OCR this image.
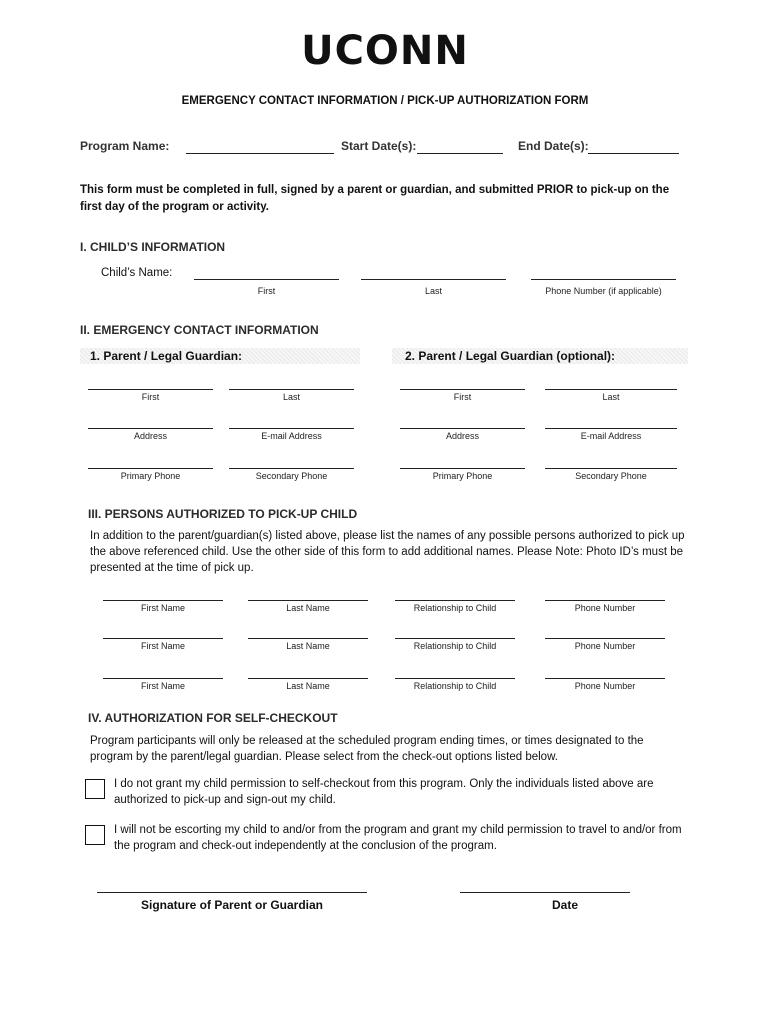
UCONN
EMERGENCY CONTACT INFORMATION / PICK-UP AUTHORIZATION FORM
Program Name:	Start Date(s):	End Date(s):
This form must be completed in full, signed by a parent or guardian, and submitted PRIOR to pick-up on the first day of the program or activity.
I. CHILD’S INFORMATION
Child’s Name:
First	Last	Phone Number (if applicable)
II. EMERGENCY CONTACT INFORMATION
1. Parent / Legal Guardian:	2. Parent / Legal Guardian (optional):
First	Last	First	Last
Address	E-mail Address	Address	E-mail Address
Primary Phone	Secondary Phone	Primary Phone	Secondary Phone
III. PERSONS AUTHORIZED TO PICK-UP CHILD
In addition to the parent/guardian(s) listed above, please list the names of any possible persons authorized to pick up the above referenced child. Use the other side of this form to add additional names. Please Note: Photo ID’s must be presented at the time of pick up.
First Name	Last Name	Relationship to Child	Phone Number
First Name	Last Name	Relationship to Child	Phone Number
First Name	Last Name	Relationship to Child	Phone Number
IV. AUTHORIZATION FOR SELF-CHECKOUT
Program participants will only be released at the scheduled program ending times, or times designated to the program by the parent/legal guardian. Please select from the check-out options listed below.
I do not grant my child permission to self-checkout from this program. Only the individuals listed above are authorized to pick-up and sign-out my child.
I will not be escorting my child to and/or from the program and grant my child permission to travel to and/or from the program and check-out independently at the conclusion of the program.
Signature of Parent or Guardian	Date
